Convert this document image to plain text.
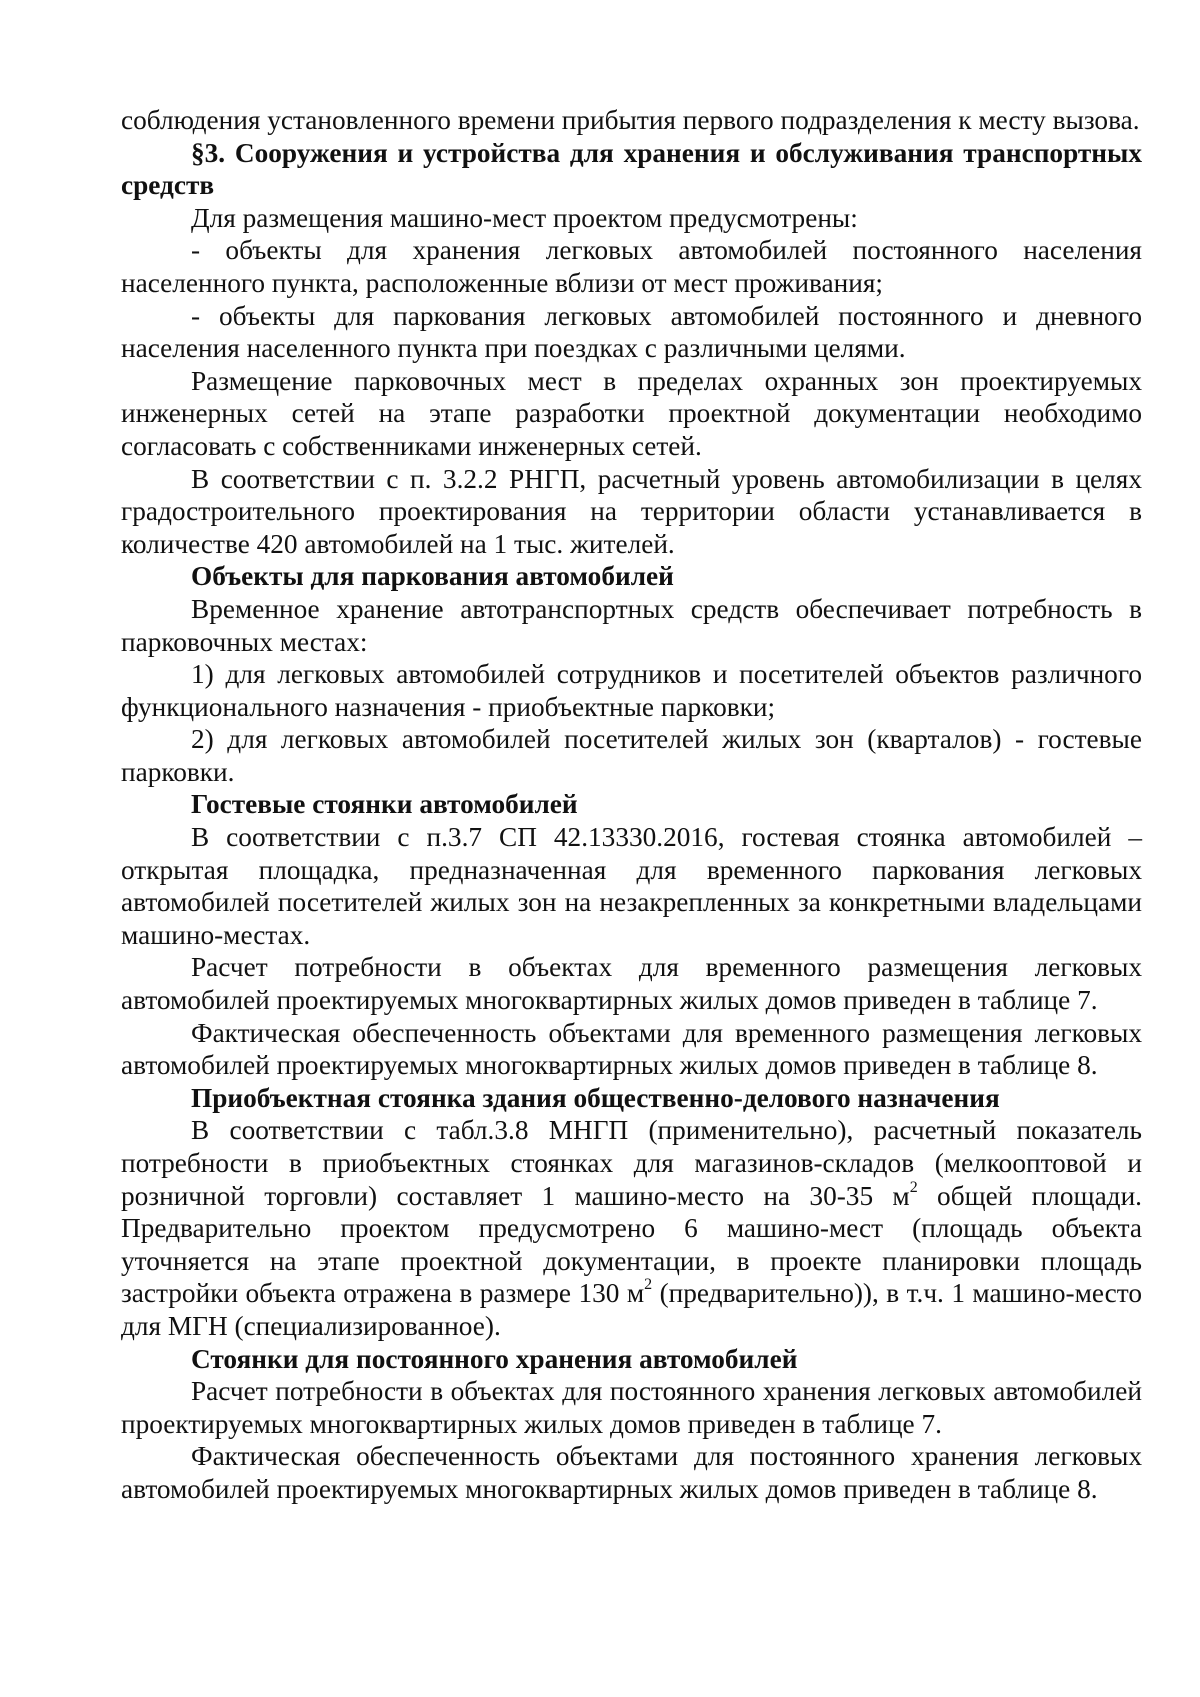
соблюдения установленного времени прибытия первого подразделения к месту вызова.

§3. Сооружения и устройства для хранения и обслуживания транспортных средств

Для размещения машино-мест проектом предусмотрены:

- объекты для хранения легковых автомобилей постоянного населения населенного пункта, расположенные вблизи от мест проживания;

- объекты для паркования легковых автомобилей постоянного и дневного населения населенного пункта при поездках с различными целями.

Размещение парковочных мест в пределах охранных зон проектируемых инженерных сетей на этапе разработки проектной документации необходимо согласовать с собственниками инженерных сетей.

В соответствии с п. 3.2.2 РНГП, расчетный уровень автомобилизации в целях градостроительного проектирования на территории области устанавливается в количестве 420 автомобилей на 1 тыс. жителей.

Объекты для паркования автомобилей

Временное хранение автотранспортных средств обеспечивает потребность в парковочных местах:

1) для легковых автомобилей сотрудников и посетителей объектов различного функционального назначения - приобъектные парковки;

2) для легковых автомобилей посетителей жилых зон (кварталов) - гостевые парковки.

Гостевые стоянки автомобилей

В соответствии с п.3.7 СП 42.13330.2016, гостевая стоянка автомобилей – открытая площадка, предназначенная для временного паркования легковых автомобилей посетителей жилых зон на незакрепленных за конкретными владельцами машино-местах.

Расчет потребности в объектах для временного размещения легковых автомобилей проектируемых многоквартирных жилых домов приведен в таблице 7.

Фактическая обеспеченность объектами для временного размещения легковых автомобилей проектируемых многоквартирных жилых домов приведен в таблице 8.

Приобъектная стоянка здания общественно-делового назначения

В соответствии с табл.3.8 МНГП (применительно), расчетный показатель потребности в приобъектных стоянках для магазинов-складов (мелкооптовой и розничной торговли) составляет 1 машино-место на 30-35 $м^2$ общей площади. Предварительно проектом предусмотрено 6 машино-мест (площадь объекта уточняется на этапе проектной документации, в проекте планировки площадь застройки объекта отражена в размере 130 $м^2$ (предварительно)), в т.ч. 1 машино-место для МГН (специализированное).

Стоянки для постоянного хранения автомобилей

Расчет потребности в объектах для постоянного хранения легковых автомобилей проектируемых многоквартирных жилых домов приведен в таблице 7.

Фактическая обеспеченность объектами для постоянного хранения легковых автомобилей проектируемых многоквартирных жилых домов приведен в таблице 8.
